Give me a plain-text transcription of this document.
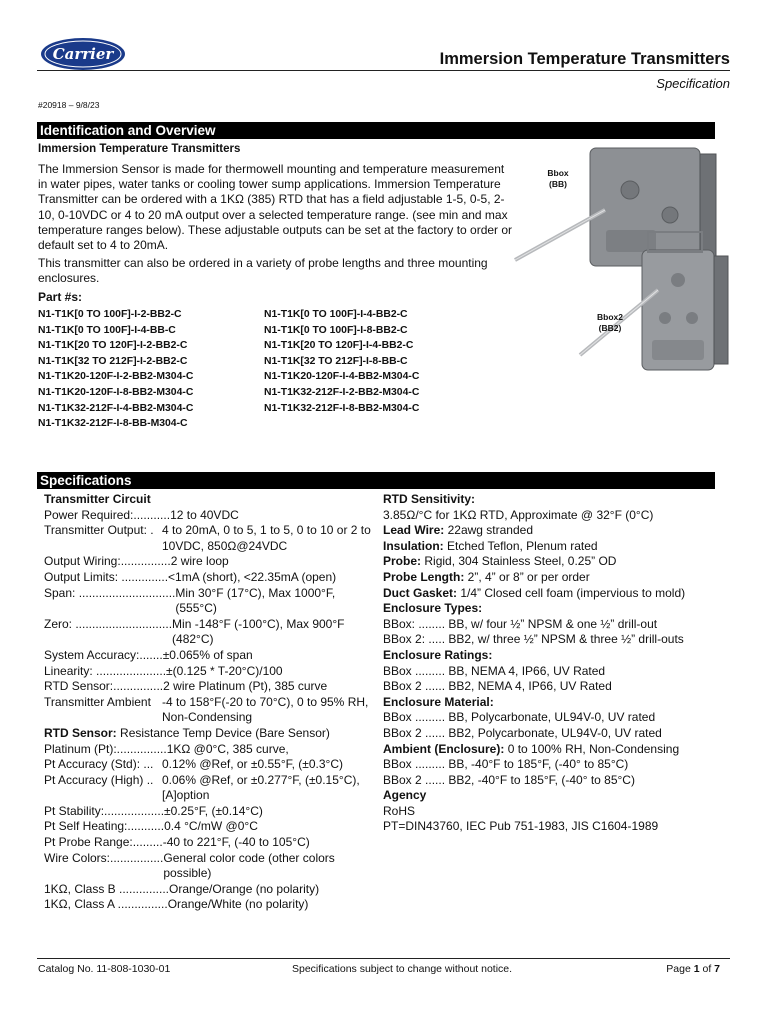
Carrier	Immersion Temperature Transmitters
Specification
#20918 – 9/8/23
Identification and Overview
Immersion Temperature Transmitters

The Immersion Sensor is made for thermowell mounting and temperature measurement in water pipes, water tanks or cooling tower sump applications. Immersion Temperature Transmitter can be ordered with a 1KΩ (385) RTD that has a field adjustable 1-5, 0-5, 2-10, 0-10VDC or 4 to 20 mA output over a selected temperature range. (see min and max temperature ranges below). These adjustable outputs can be set at the factory to order or default set to 4 to 20mA.

This transmitter can also be ordered in a variety of probe lengths and three mounting enclosures.

Part #s:
N1-T1K[0 TO 100F]-I-2-BB2-C
N1-T1K[0 TO 100F]-I-4-BB-C
N1-T1K[20 TO 120F]-I-2-BB2-C
N1-T1K[32 TO 212F]-I-2-BB2-C
N1-T1K20-120F-I-2-BB2-M304-C
N1-T1K20-120F-I-8-BB2-M304-C
N1-T1K32-212F-I-4-BB2-M304-C
N1-T1K32-212F-I-8-BB-M304-C
N1-T1K[0 TO 100F]-I-4-BB2-C
N1-T1K[0 TO 100F]-I-8-BB2-C
N1-T1K[20 TO 120F]-I-4-BB2-C
N1-T1K[32 TO 212F]-I-8-BB-C
N1-T1K20-120F-I-4-BB2-M304-C
N1-T1K32-212F-I-2-BB2-M304-C
N1-T1K32-212F-I-8-BB2-M304-C
Bbox
(BB)
Bbox2
(BB2)
Specifications
Transmitter Circuit
Power Required:........... 12 to 40VDC
Transmitter Output: . 4 to 20mA, 0 to 5, 1 to 5, 0 to 10 or 2 to 10VDC, 850Ω@24VDC
Output Wiring:............... 2 wire loop
Output Limits: .............. <1mA (short), <22.35mA (open)
Span: ............................. Min 30°F (17°C), Max 1000°F, (555°C)
Zero: ............................. Min -148°F (-100°C), Max 900°F (482°C)
System Accuracy:....... ±0.065% of span
Linearity: ..................... ±(0.125 * T-20°C)/100
RTD Sensor:............... 2 wire Platinum (Pt), 385 curve
Transmitter Ambient -4 to 158°F(-20 to 70°C), 0 to 95% RH, Non-Condensing
RTD Sensor: Resistance Temp Device (Bare Sensor)
Platinum (Pt):............... 1KΩ @0°C, 385 curve,
Pt Accuracy (Std): ... 0.12% @Ref, or ±0.55°F, (±0.3°C)
Pt Accuracy (High) .. 0.06% @Ref, or ±0.277°F, (±0.15°C), [A]option
Pt Stability:.................. ±0.25°F, (±0.14°C)
Pt Self Heating:........... 0.4 °C/mW @0°C
Pt Probe Range:......... -40 to 221°F, (-40 to 105°C)
Wire Colors:................ General color code (other colors possible)
1KΩ, Class B ............... Orange/Orange (no polarity)
1KΩ, Class A ............... Orange/White (no polarity)
RTD Sensitivity:
3.85Ω/°C for 1KΩ RTD, Approximate @ 32°F (0°C)
Lead Wire: 22awg stranded
Insulation: Etched Teflon, Plenum rated
Probe: Rigid, 304 Stainless Steel, 0.25” OD
Probe Length: 2”, 4” or 8” or per order
Duct Gasket: 1/4” Closed cell foam (impervious to mold)
Enclosure Types:
BBox: ........ BB, w/ four ½” NPSM & one ½” drill-out
BBox 2: ..... BB2, w/ three ½” NPSM & three ½” drill-outs
Enclosure Ratings:
BBox ......... BB, NEMA 4, IP66, UV Rated
BBox 2 ...... BB2, NEMA 4, IP66, UV Rated
Enclosure Material:
BBox ......... BB, Polycarbonate, UL94V-0, UV rated
BBox 2 ...... BB2, Polycarbonate, UL94V-0, UV rated
Ambient (Enclosure): 0 to 100% RH, Non-Condensing
BBox ......... BB, -40°F to 185°F, (-40° to 85°C)
BBox 2 ...... BB2, -40°F to 185°F, (-40° to 85°C)
Agency
RoHS
PT=DIN43760, IEC Pub 751-1983, JIS C1604-1989
Catalog No. 11-808-1030-01	Specifications subject to change without notice.	Page 1 of 7
